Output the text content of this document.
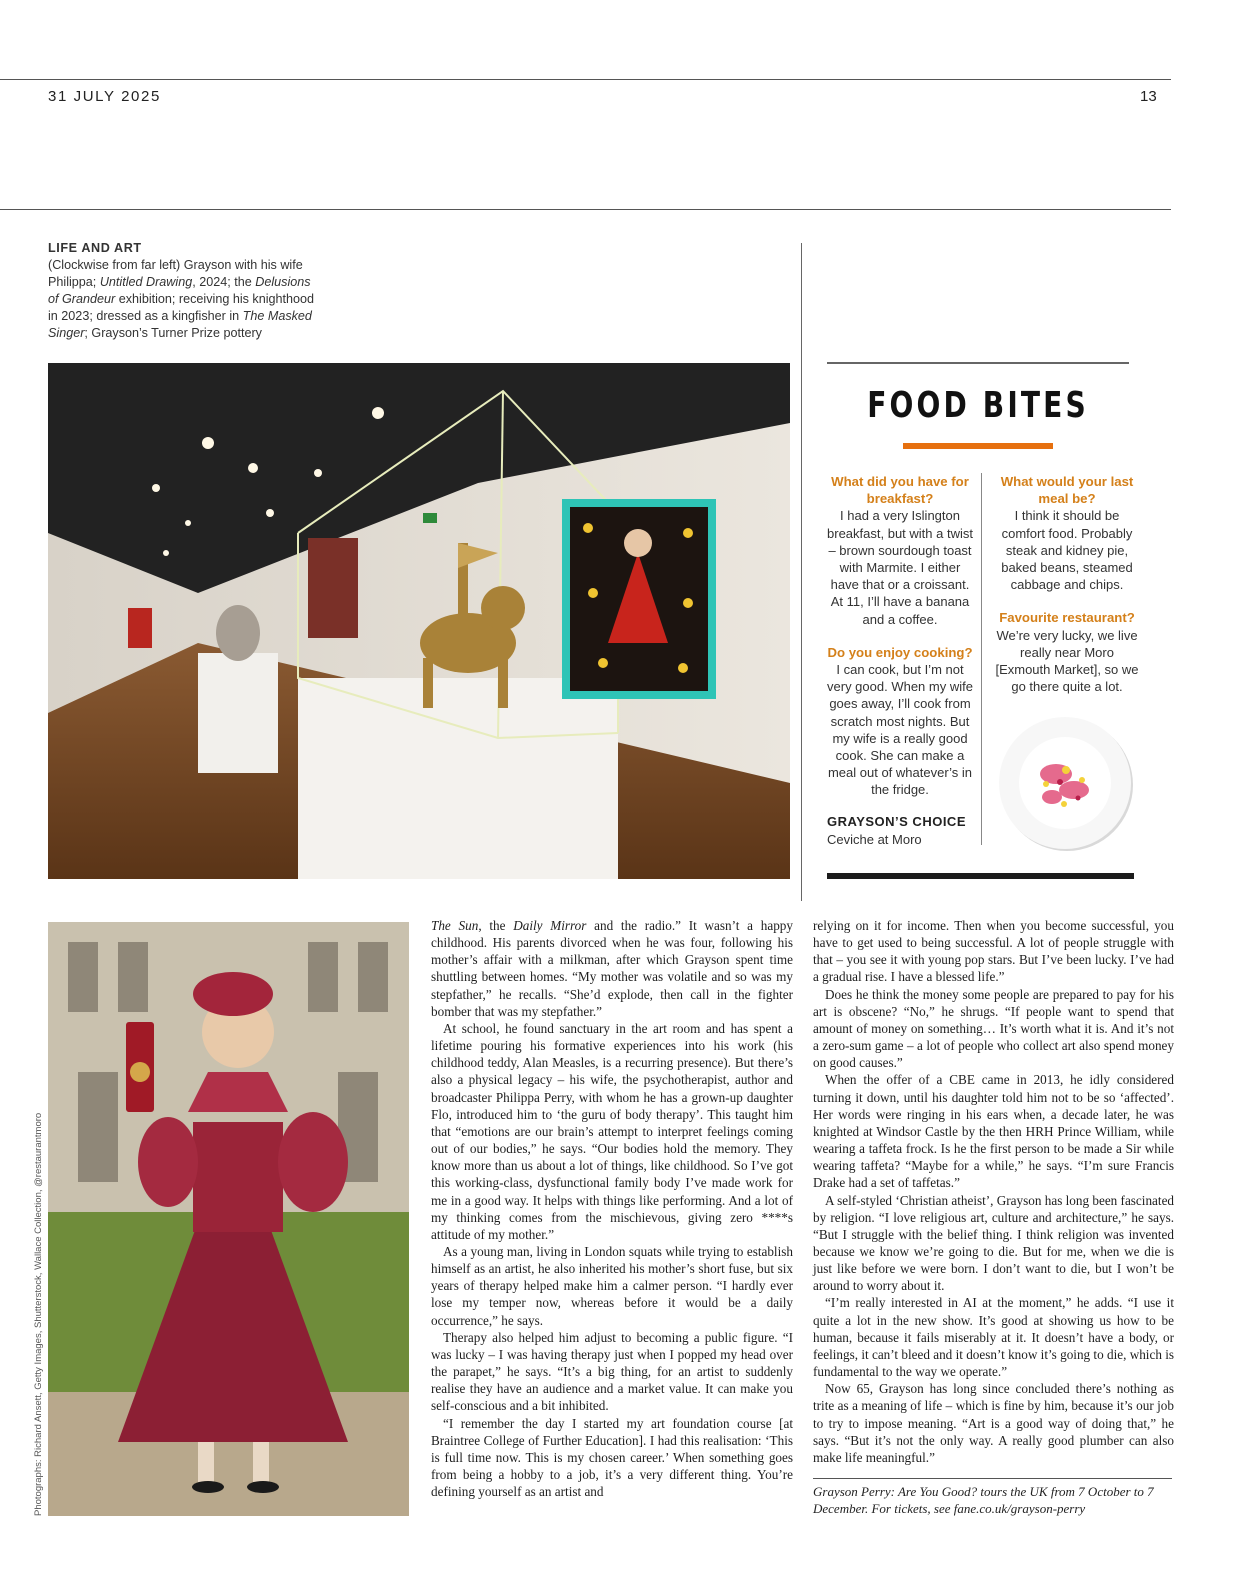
31 JULY 2025	13
LIFE AND ART
(Clockwise from far left) Grayson with his wife Philippa; Untitled Drawing, 2024; the Delusions of Grandeur exhibition; receiving his knighthood in 2023; dressed as a kingfisher in The Masked Singer; Grayson’s Turner Prize pottery
Photographs: Richard Ansett, Getty Images, Shutterstock, Wallace Collection, @restaurantmoro
FOOD BITES
What did you have for breakfast?
I had a very Islington breakfast, but with a twist – brown sourdough toast with Marmite. I either have that or a croissant. At 11, I’ll have a banana and a coffee.
Do you enjoy cooking?
I can cook, but I’m not very good. When my wife goes away, I’ll cook from scratch most nights. But my wife is a really good cook. She can make a meal out of whatever’s in the fridge.
What would your last meal be?
I think it should be comfort food. Probably steak and kidney pie, baked beans, steamed cabbage and chips.
Favourite restaurant?
We’re very lucky, we live really near Moro [Exmouth Market], so we go there quite a lot.
GRAYSON’S CHOICE
Ceviche at Moro

The Sun, the Daily Mirror and the radio.” It wasn’t a happy childhood. His parents divorced when he was four, following his mother’s affair with a milkman, after which Grayson spent time shuttling between homes. “My mother was volatile and so was my stepfather,” he recalls. “She’d explode, then call in the fighter bomber that was my stepfather.”

At school, he found sanctuary in the art room and has spent a lifetime pouring his formative experiences into his work (his childhood teddy, Alan Measles, is a recurring presence). But there’s also a physical legacy – his wife, the psychotherapist, author and broadcaster Philippa Perry, with whom he has a grown-up daughter Flo, introduced him to ‘the guru of body therapy’. This taught him that “emotions are our brain’s attempt to interpret feelings coming out of our bodies,” he says. “Our bodies hold the memory. They know more than us about a lot of things, like childhood. So I’ve got this working-class, dysfunctional family body I’ve made work for me in a good way. It helps with things like performing. And a lot of my thinking comes from the mischievous, giving zero ****s attitude of my mother.”

As a young man, living in London squats while trying to establish himself as an artist, he also inherited his mother’s short fuse, but six years of therapy helped make him a calmer person. “I hardly ever lose my temper now, whereas before it would be a daily occurrence,” he says.

Therapy also helped him adjust to becoming a public figure. “I was lucky – I was having therapy just when I popped my head over the parapet,” he says. “It’s a big thing, for an artist to suddenly realise they have an audience and a market value. It can make you self-conscious and a bit inhibited.

“I remember the day I started my art foundation course [at Braintree College of Further Education]. I had this realisation: ‘This is full time now. This is my chosen career.’ When something goes from being a hobby to a job, it’s a very different thing. You’re defining yourself as an artist and

relying on it for income. Then when you become successful, you have to get used to being successful. A lot of people struggle with that – you see it with young pop stars. But I’ve been lucky. I’ve had a gradual rise. I have a blessed life.”

Does he think the money some people are prepared to pay for his art is obscene? “No,” he shrugs. “If people want to spend that amount of money on something… It’s worth what it is. And it’s not a zero-sum game – a lot of people who collect art also spend money on good causes.”

When the offer of a CBE came in 2013, he idly considered turning it down, until his daughter told him not to be so ‘affected’. Her words were ringing in his ears when, a decade later, he was knighted at Windsor Castle by the then HRH Prince William, while wearing a taffeta frock. Is he the first person to be made a Sir while wearing taffeta? “Maybe for a while,” he says. “I’m sure Francis Drake had a set of taffetas.”

A self-styled ‘Christian atheist’, Grayson has long been fascinated by religion. “I love religious art, culture and architecture,” he says. “But I struggle with the belief thing. I think religion was invented because we know we’re going to die. But for me, when we die is just like before we were born. I don’t want to die, but I won’t be around to worry about it.

“I’m really interested in AI at the moment,” he adds. “I use it quite a lot in the new show. It’s good at showing us how to be human, because it fails miserably at it. It doesn’t have a body, or feelings, it can’t bleed and it doesn’t know it’s going to die, which is fundamental to the way we operate.”

Now 65, Grayson has long since concluded there’s nothing as trite as a meaning of life – which is fine by him, because it’s our job to try to impose meaning. “Art is a good way of doing that,” he says. “But it’s not the only way. A really good plumber can also make life meaningful.”

Grayson Perry: Are You Good? tours the UK from 7 October to 7 December. For tickets, see fane.co.uk/grayson-perry
